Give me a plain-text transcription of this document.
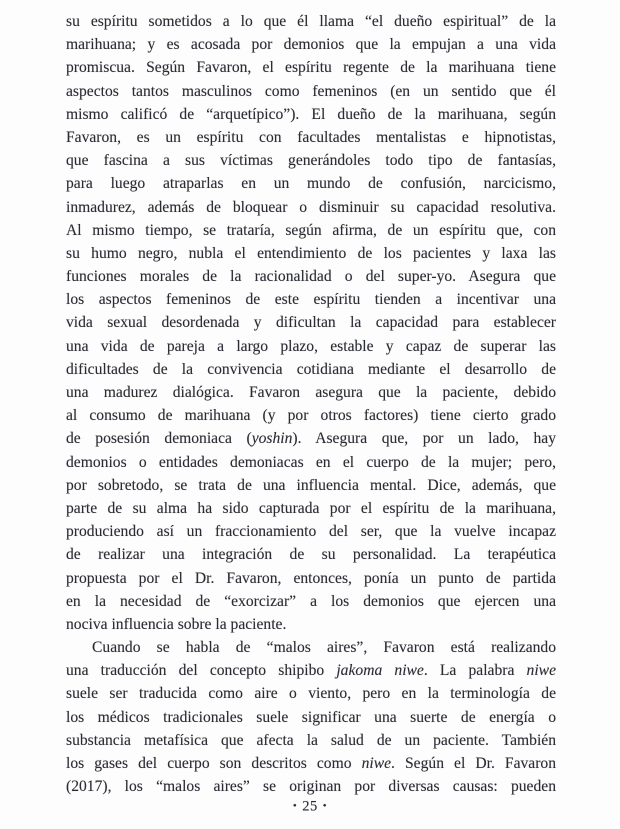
su espíritu sometidos a lo que él llama “el dueño espiritual” de la
marihuana; y es acosada por demonios que la empujan a una vida
promiscua. Según Favaron, el espíritu regente de la marihuana tiene
aspectos tantos masculinos como femeninos (en un sentido que él
mismo calificó de “arquetípico”). El dueño de la marihuana, según
Favaron, es un espíritu con facultades mentalistas e hipnotistas,
que fascina a sus víctimas generándoles todo tipo de fantasías,
para luego atraparlas en un mundo de confusión, narcicismo,
inmadurez, además de bloquear o disminuir su capacidad resolutiva.
Al mismo tiempo, se trataría, según afirma, de un espíritu que, con
su humo negro, nubla el entendimiento de los pacientes y laxa las
funciones morales de la racionalidad o del super-yo. Asegura que
los aspectos femeninos de este espíritu tienden a incentivar una
vida sexual desordenada y dificultan la capacidad para establecer
una vida de pareja a largo plazo, estable y capaz de superar las
dificultades de la convivencia cotidiana mediante el desarrollo de
una madurez dialógica. Favaron asegura que la paciente, debido
al consumo de marihuana (y por otros factores) tiene cierto grado
de posesión demoniaca (yoshin). Asegura que, por un lado, hay
demonios o entidades demoniacas en el cuerpo de la mujer; pero,
por sobretodo, se trata de una influencia mental. Dice, además, que
parte de su alma ha sido capturada por el espíritu de la marihuana,
produciendo así un fraccionamiento del ser, que la vuelve incapaz
de realizar una integración de su personalidad. La terapéutica
propuesta por el Dr. Favaron, entonces, ponía un punto de partida
en la necesidad de “exorcizar” a los demonios que ejercen una
nociva influencia sobre la paciente.
Cuando se habla de “malos aires”, Favaron está realizando
una traducción del concepto shipibo jakoma niwe. La palabra niwe
suele ser traducida como aire o viento, pero en la terminología de
los médicos tradicionales suele significar una suerte de energía o
substancia metafísica que afecta la salud de un paciente. También
los gases del cuerpo son descritos como niwe. Según el Dr. Favaron
(2017), los “malos aires” se originan por diversas causas: pueden
• 25 •
